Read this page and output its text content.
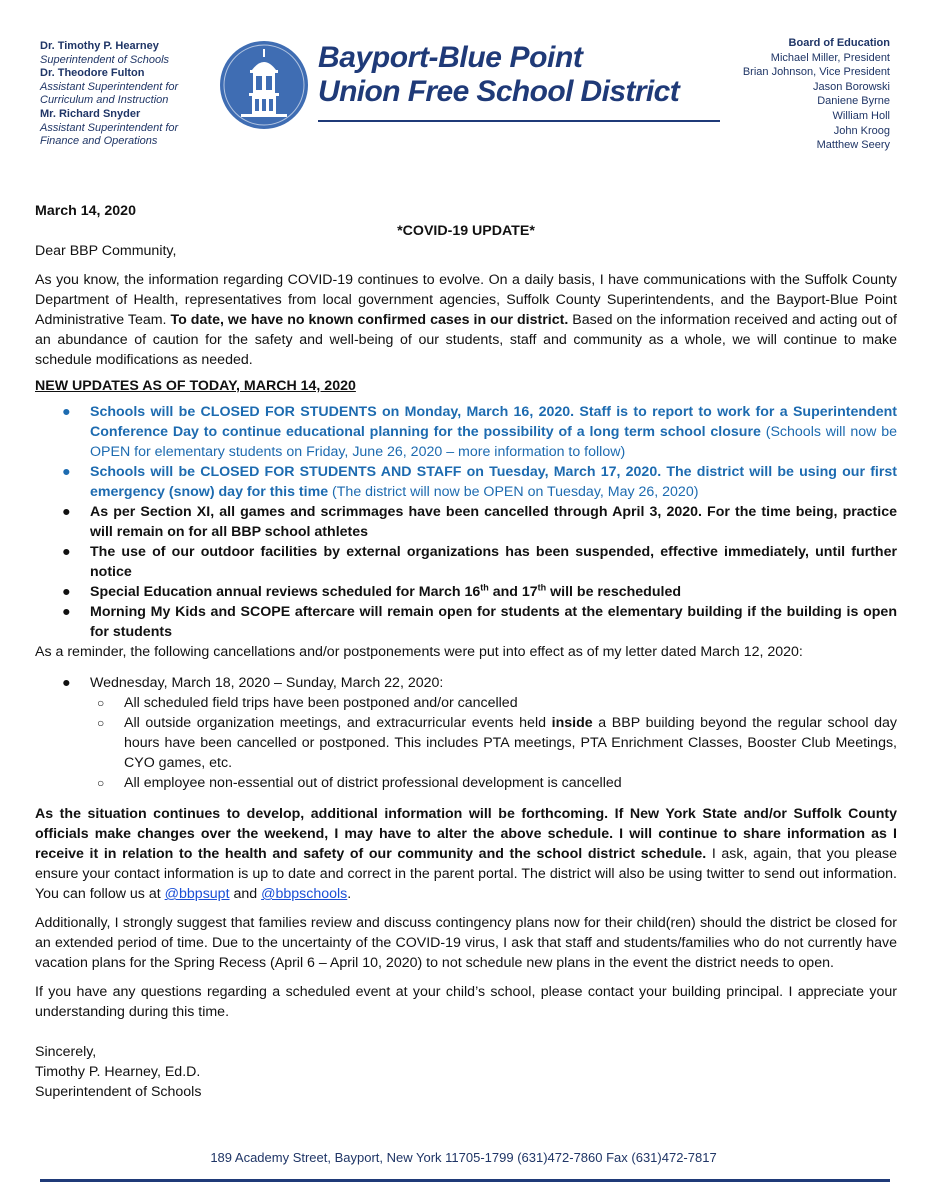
Dr. Timothy P. Hearney
Superintendent of Schools
Dr. Theodore Fulton
Assistant Superintendent for
Curriculum and Instruction
Mr. Richard Snyder
Assistant Superintendent for
Finance and Operations
Bayport-Blue Point
Union Free School District
Board of Education
Michael Miller, President
Brian Johnson, Vice President
Jason Borowski
Daniene Byrne
William Holl
John Kroog
Matthew Seery

March 14, 2020

*COVID-19 UPDATE*

Dear BBP Community,

As you know, the information regarding COVID-19 continues to evolve. On a daily basis, I have communications with the Suffolk County Department of Health, representatives from local government agencies, Suffolk County Superintendents, and the Bayport-Blue Point Administrative Team. To date, we have no known confirmed cases in our district. Based on the information received and acting out of an abundance of caution for the safety and well-being of our students, staff and community as a whole, we will continue to make schedule modifications as needed.

NEW UPDATES AS OF TODAY, MARCH 14, 2020

● Schools will be CLOSED FOR STUDENTS on Monday, March 16, 2020. Staff is to report to work for a Superintendent Conference Day to continue educational planning for the possibility of a long term school closure (Schools will now be OPEN for elementary students on Friday, June 26, 2020 – more information to follow)
● Schools will be CLOSED FOR STUDENTS AND STAFF on Tuesday, March 17, 2020. The district will be using our first emergency (snow) day for this time (The district will now be OPEN on Tuesday, May 26, 2020)
● As per Section XI, all games and scrimmages have been cancelled through April 3, 2020. For the time being, practice will remain on for all BBP school athletes
● The use of our outdoor facilities by external organizations has been suspended, effective immediately, until further notice
● Special Education annual reviews scheduled for March 16th and 17th will be rescheduled
● Morning My Kids and SCOPE aftercare will remain open for students at the elementary building if the building is open for students

As a reminder, the following cancellations and/or postponements were put into effect as of my letter dated March 12, 2020:

● Wednesday, March 18, 2020 – Sunday, March 22, 2020:
○ All scheduled field trips have been postponed and/or cancelled
○ All outside organization meetings, and extracurricular events held inside a BBP building beyond the regular school day hours have been cancelled or postponed. This includes PTA meetings, PTA Enrichment Classes, Booster Club Meetings, CYO games, etc.
○ All employee non-essential out of district professional development is cancelled

As the situation continues to develop, additional information will be forthcoming. If New York State and/or Suffolk County officials make changes over the weekend, I may have to alter the above schedule. I will continue to share information as I receive it in relation to the health and safety of our community and the school district schedule. I ask, again, that you please ensure your contact information is up to date and correct in the parent portal. The district will also be using twitter to send out information. You can follow us at @bbpsupt and @bbpschools.

Additionally, I strongly suggest that families review and discuss contingency plans now for their child(ren) should the district be closed for an extended period of time. Due to the uncertainty of the COVID-19 virus, I ask that staff and students/families who do not currently have vacation plans for the Spring Recess (April 6 – April 10, 2020) to not schedule new plans in the event the district needs to open.

If you have any questions regarding a scheduled event at your child’s school, please contact your building principal. I appreciate your understanding during this time.

Sincerely,

Timothy P. Hearney, Ed.D.

Superintendent of Schools

189 Academy Street, Bayport, New York 11705-1799 (631)472-7860 Fax (631)472-7817
